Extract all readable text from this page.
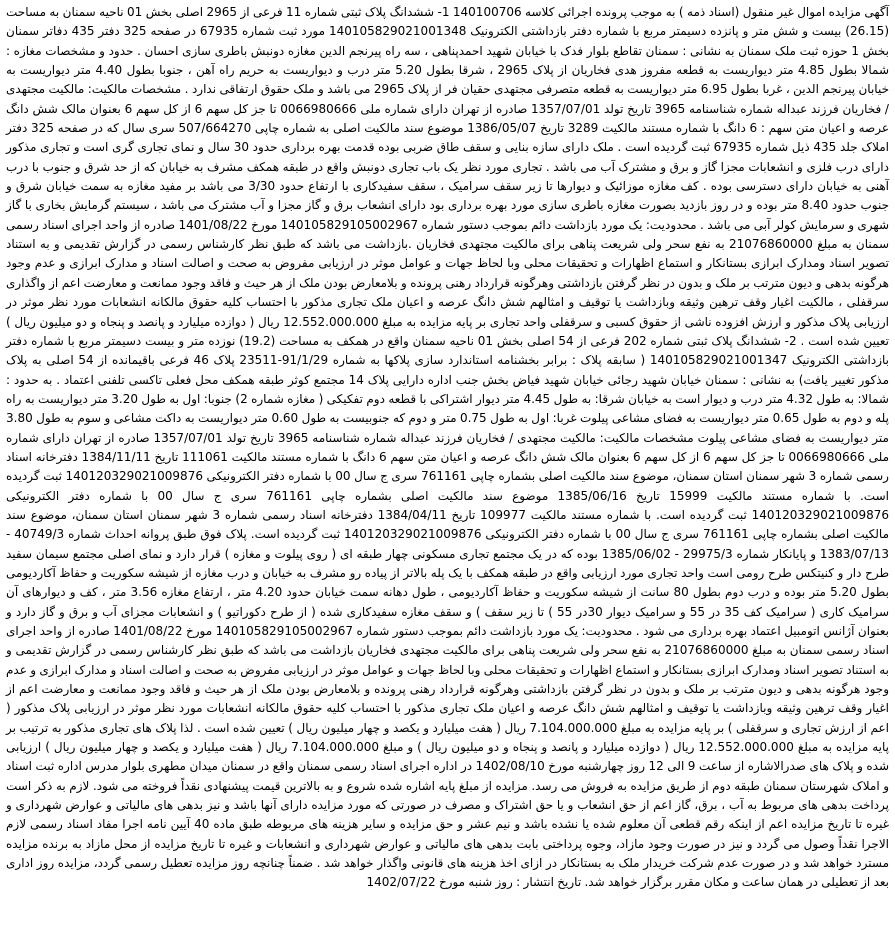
آگهی مزایده اموال غیر منقول (اسناد ذمه ) به موجب پرونده اجرائی کلاسه 140100706 1- ششدانگ پلاک ثبتی شماره 11 فرعی از 2965 اصلی بخش 01 ناحیه سمنان به مساحت (26.15) بیست و شش متر و پانزده دسیمتر مربع با شماره دفتر بازداشتی الکترونیک 140105829021001348 مورد ثبت شماره 67935 در صفحه 325 دفتر 435 دفاتر سمنان بخش 1 حوزه ثبت ملک سمنان به نشانی : سمنان تقاطع بلوار فدک با خیابان شهید احمدپناهی ، سه راه پیرنجم الدین مغازه دونبش باطری سازی احسان . حدود و مشخصات مغازه : شمالا بطول 4.85 متر دیواریست به قطعه مفروز هدی فخاریان از پلاک 2965 ، شرقا بطول 5.20 متر درب و دیواریست به حریم راه آهن ، جنوبا بطول 4.40 متر دیواریست به خیابان پیرنجم الدین ، غربا بطول 6.95 متر دیواریست به قطعه متصرفی مجتهدی حقیان فر از پلاک 2965 می باشد و ملک حقوق ارتفاقی ندارد . مشخصات مالکیت: مالکیت مجتهدی / فخاریان فرزند عبداله شماره شناسنامه 3965 تاریخ تولد 1357/07/01 صادره از تهران دارای شماره ملی 0066980666 تا جز کل سهم 6 از کل سهم 6 بعنوان مالک شش دانگ عرصه و اعیان متن سهم : 6 دانگ با شماره مستند مالکیت 3289 تاریخ 1386/05/07 موضوع سند مالکیت اصلی به شماره چاپی 507/664270 سری سال که در صفحه 325 دفتر املاک جلد 435 ذیل شماره 67935 ثبت گردیده است . ملک دارای سازه بنایی و سقف طاق ضربی بوده قدمت بهره برداری حدود 30 سال و نمای تجاری گری است و تجاری مذکور دارای درب فلزی و انشعابات مجزا گاز و برق و مشترک آب می باشد . تجاری مورد نظر یک باب تجاری دونبش واقع در طبقه همکف مشرف به خیابان که از حد شرق و جنوب با درب آهنی به خیابان دارای دسترسی بوده . کف مغازه موزائیک و دیوارها تا زیر سقف سرامیک ، سقف سفیدکاری با ارتفاع حدود 3/30 می باشد بر مفید مغازه به سمت خیابان شرق و جنوب حدود 8.40 متر بوده و در روز بازدید بصورت مغازه باطری سازی مورد بهره برداری بود دارای انشعاب برق و گاز مجزا و آب مشترک می باشد ، سیستم گرمایش بخاری با گاز شهری و سرمایش کولر آبی می باشد . محدودیت: یک مورد بازداشت دائم بموجب دستور شماره 140105829105002967 مورخ 1401/08/22 صادره از واحد اجرای اسناد رسمی سمنان به مبلغ 21076860000 به نفع سحر ولی شریعت پناهی برای مالکیت مجتهدی فخاریان .بازداشت می باشد که طبق نظر کارشناس رسمی در گزارش تقدیمی و به استناد تصویر اسناد ومدارک ابرازی بستانکار و استماع اظهارات و تحقیقات محلی وبا لحاظ جهات و عوامل موثر در ارزیابی مفروض به صحت و اصالت اسناد و مدارک ابرازی و عدم وجود هرگونه بدهی و دیون مترتب بر ملک و بدون در نظر گرفتن بازداشتی وهرگونه قرارداد رهنی پرونده و بلامعارض بودن ملک از هر حیث و فاقد وجود ممانعت و معارضت اعم از واگذاری سرقفلی ، مالکیت اغیار وقف ترهین وثیقه وبازداشت یا توقیف و امثالهم شش دانگ عرصه و اعیان ملک تجاری مذکور با احتساب کلیه حقوق مالکانه انشعابات مورد نظر موثر در ارزیابی پلاک مذکور و ارزش افزوده ناشی از حقوق کسبی و سرقفلی واحد تجاری بر پایه مزایده به مبلغ 12.552.000.000 ریال ( دوازده میلیارد و پانصد و پنجاه و دو میلیون ریال ) تعیین شده است . 2- ششدانگ پلاک ثبتی شماره 202 فرعی از 54 اصلی بخش 01 ناحیه سمنان واقع در همکف به مساحت (19.2) نوزده متر و بیست دسیمتر مربع با شماره دفتر بازداشتی الکترونیک 140105829021001347 ( سابقه پلاک : برابر بخشنامه استاندارد سازی پلاکها به شماره 91/1/29-23511 پلاک 46 فرعی باقیمانده از 54 اصلی به پلاک مذکور تغییر یافت) به نشانی : سمنان خیابان شهید رجائی خیابان شهید فیاض بخش جنب اداره دارایی پلاک 14 مجتمع کوثر طبقه همکف محل فعلی تاکسی تلفنی اعتماد . به حدود : شمالا: به طول 4.32 متر درب و دیوار است به خیابان شرقا: به طول 4.45 متر دیوار اشتراکی با قطعه دوم تفکیکی ( مغازه شماره 2) جنوبا: اول به طول 3.20 متر دیواریست به راه پله و دوم به طول 0.65 متر دیواریست به فضای مشاعی پیلوت غربا: اول به طول 0.75 متر و دوم که جنوبیست به طول 0.60 متر دیواریست به داکت مشاعی و سوم به طول 3.80 متر دیواریست به فضای مشاعی پیلوت مشخصات مالکیت: مالکیت مجتهدی / فخاریان فرزند عبداله شماره شناسنامه 3965 تاریخ تولد 1357/07/01 صادره از تهران دارای شماره ملی 0066980666 تا جز کل سهم 6 از کل سهم 6 بعنوان مالک شش دانگ عرصه و اعیان متن سهم 6 دانگ با شماره مستند مالکیت 111061 تاریخ 1384/11/11 دفترخانه اسناد رسمی شماره 3 شهر سمنان استان سمنان، موضوع سند مالکیت اصلی بشماره چاپی 761161 سری ج سال 00 با شماره دفتر الکترونیکی 140120329021009876 ثبت گردیده است. با شماره مستند مالکیت 15999 تاریخ 1385/06/16 موضوع سند مالکیت اصلی بشماره چاپی 761161 سری ج سال 00 با شماره دفتر الکترونیکی 140120329021009876 ثبت گردیده است. با شماره مستند مالکیت 109977 تاریخ 1384/04/11 دفترخانه اسناد رسمی شماره 3 شهر سمنان استان سمنان، موضوع سند مالکیت اصلی بشماره چاپی 761161 سری ج سال 00 با شماره دفتر الکترونیکی 140120329021009876 ثبت گردیده است. پلاک فوق طبق پروانه احداث شماره 40749/3 - 1383/07/13 و پایانکار شماره 29975/3 - 1385/06/02 بوده که در یک مجتمع تجاری مسکونی چهار طبقه ای ( روی پیلوت و مغازه ) قرار دارد و نمای اصلی مجتمع سیمان سفید طرح دار و کنیتکس طرح رومی است واحد تجاری مورد ارزیابی واقع در طبقه همکف با یک پله بالاتر از پیاده رو مشرف به خیابان و درب مغازه از شیشه سکوریت و حفاظ آکاردیومی بطول 5.20 متر بوده و درب دوم بطول 80 سانت از شیشه سکوریت و حفاظ آکاردیومی ، طول دهانه سمت خیابان حدود 4.20 متر ، ارتفاع مغازه 3.56 متر ، کف و دیوارهای آن سرامیک کاری ( سرامیک کف 35 در 55 و سرامیک دیوار 30در 55 ) تا زیر سقف ) و سقف مغازه سفیدکاری شده ( از طرح دکوراتیو ) و انشعابات مجزای آب و برق و گاز دارد و بعنوان آژانس اتومبیل اعتماد بهره برداری می شود . محدودیت: یک مورد بازداشت دائم بموجب دستور شماره 140105829105002967 مورخ 1401/08/22 صادره از واحد اجرای اسناد رسمی سمنان به مبلغ 21076860000 به نفع سحر ولی شریعت پناهی برای مالکیت مجتهدی فخاریان بازداشت می باشد که طبق نظر کارشناس رسمی در گزارش تقدیمی و به استناد تصویر اسناد ومدارک ابرازی بستانکار و استماع اظهارات و تحقیقات محلی وبا لحاظ جهات و عوامل موثر در ارزیابی مفروض به صحت و اصالت اسناد و مدارک ابرازی و عدم وجود هرگونه بدهی و دیون مترتب بر ملک و بدون در نظر گرفتن بازداشتی وهرگونه قرارداد رهنی پرونده و بلامعارض بودن ملک از هر حیث و فاقد وجود ممانعت و معارضت اعم از اغیار وقف ترهین وثیقه وبازداشت یا توقیف و امثالهم شش دانگ عرصه و اعیان ملک تجاری مذکور با احتساب کلیه حقوق مالکانه انشعابات مورد نظر موثر در ارزیابی پلاک مذکور ( اعم از ارزش تجاری و سرقفلی ) بر پایه مزایده به مبلغ 7.104.000.000 ریال ( هفت میلیارد و یکصد و چهار میلیون ریال ) تعیین شده است . لذا پلاک های تجاری مذکور به ترتیب بر پایه مزایده به مبلغ 12.552.000.000 ریال ( دوازده میلیارد و پانصد و پنجاه و دو میلیون ریال ) و مبلغ 7.104.000.000 ریال ( هفت میلیارد و یکصد و چهار میلیون ریال ) ارزیابی شده و پلاک های صدرالاشاره از ساعت 9 الی 12 روز چهارشنبه مورخ 1402/08/10 در اداره اجرای اسناد رسمی سمنان واقع در سمنان میدان مطهری بلوار مدرس اداره ثبت اسناد و املاک شهرستان سمنان طبقه دوم از طریق مزایده به فروش می رسد. مزایده از مبلغ پایه اشاره شده شروع و به بالاترین قیمت پیشنهادی نقداً فروخته می شود. لازم به ذکر است پرداخت بدهی های مربوط به آب ، برق، گاز اعم از حق انشعاب و یا حق اشتراک و مصرف در صورتی که مورد مزایده دارای آنها باشد و نیز بدهی های مالیاتی و عوارض شهرداری و غیره تا تاریخ مزایده اعم از اینکه رقم قطعی آن معلوم شده یا نشده باشد و نیم عشر و حق مزایده و سایر هزینه های مربوطه طبق ماده 40 آیین نامه اجرا مفاد اسناد رسمی لازم الاجرا نقداً وصول می گردد و نیز در صورت وجود مازاد، وجوه پرداختی بابت بدهی های مالیاتی و عوارض شهرداری و انشعابات و غیره تا تاریخ مزایده از محل مازاد به برنده مزایده مسترد خواهد شد و در صورت عدم شرکت خریدار ملک به بستانکار در ازای اخذ هزینه های قانونی واگذار خواهد شد . ضمناً چنانچه روز مزایده تعطیل رسمی گردد، مزایده روز اداری بعد از تعطیلی در همان ساعت و مکان مقرر برگزار خواهد شد. تاریخ انتشار : روز شنبه مورخ 1402/07/22
